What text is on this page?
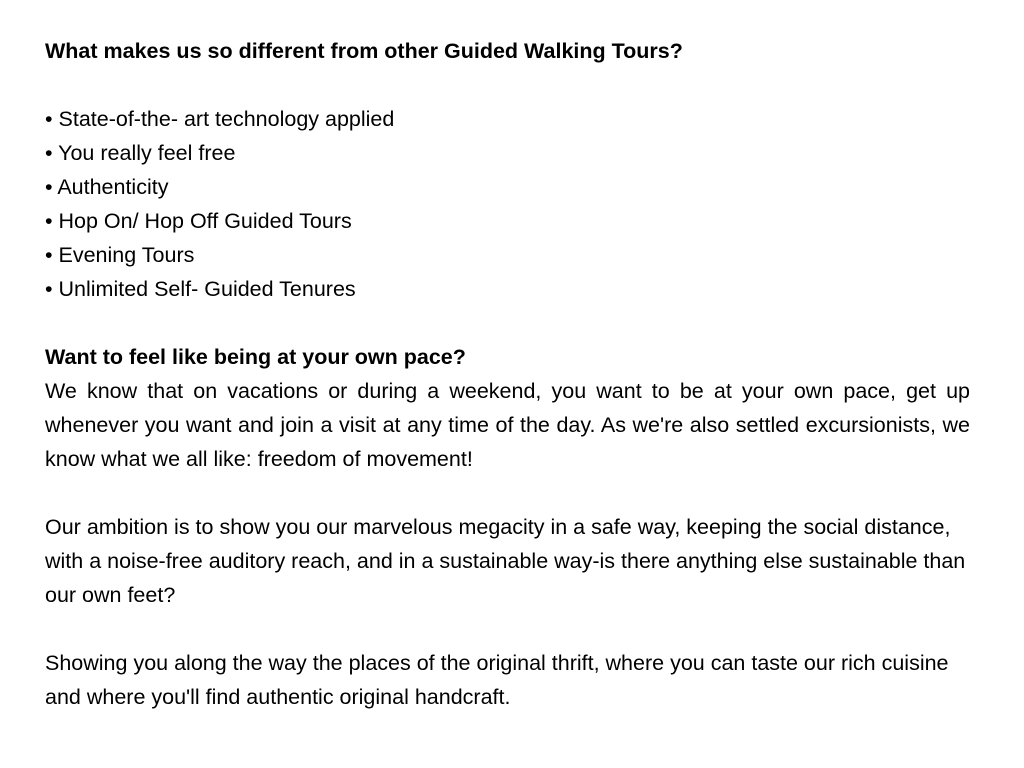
What makes us so different from other Guided Walking Tours?

• State-of-the- art technology applied
• You really feel free
• Authenticity
• Hop On/ Hop Off Guided Tours
• Evening Tours
• Unlimited Self- Guided Tenures

Want to feel like being at your own pace?

We know that on vacations or during a weekend, you want to be at your own pace, get up whenever you want and join a visit at any time of the day. As we're also settled excursionists, we know what we all like: freedom of movement!

Our ambition is to show you our marvelous megacity in a safe way, keeping the social distance, with a noise-free auditory reach, and in a sustainable way-is there anything else sustainable than our own feet?

Showing you along the way the places of the original thrift, where you can taste our rich cuisine and where you'll find authentic original handcraft.
